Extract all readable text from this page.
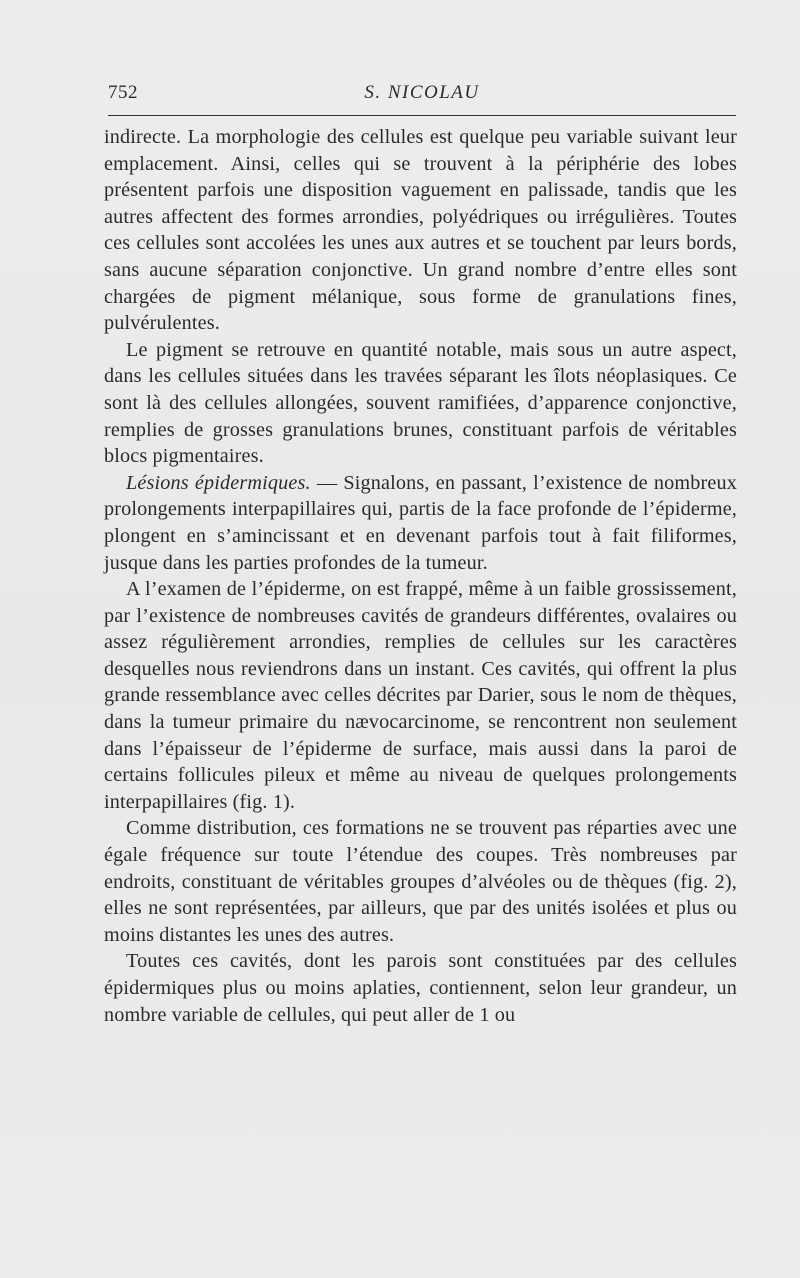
752	S. NICOLAU

indirecte. La morphologie des cellules est quelque peu variable suivant leur emplacement. Ainsi, celles qui se trouvent à la périphérie des lobes présentent parfois une disposition vaguement en palissade, tandis que les autres affectent des formes arrondies, polyédriques ou irrégulières. Toutes ces cellules sont accolées les unes aux autres et se touchent par leurs bords, sans aucune séparation conjonctive. Un grand nombre d’entre elles sont chargées de pigment mélanique, sous forme de granulations fines, pulvérulentes.

Le pigment se retrouve en quantité notable, mais sous un autre aspect, dans les cellules situées dans les travées séparant les îlots néoplasiques. Ce sont là des cellules allongées, souvent ramifiées, d’apparence conjonctive, remplies de grosses granulations brunes, constituant parfois de véritables blocs pigmentaires.

Lésions épidermiques. — Signalons, en passant, l’existence de nombreux prolongements interpapillaires qui, partis de la face profonde de l’épiderme, plongent en s’amincissant et en devenant parfois tout à fait filiformes, jusque dans les parties profondes de la tumeur.

A l’examen de l’épiderme, on est frappé, même à un faible grossissement, par l’existence de nombreuses cavités de grandeurs différentes, ovalaires ou assez régulièrement arrondies, remplies de cellules sur les caractères desquelles nous reviendrons dans un instant. Ces cavités, qui offrent la plus grande ressemblance avec celles décrites par Darier, sous le nom de thèques, dans la tumeur primaire du nævocarcinome, se rencontrent non seulement dans l’épaisseur de l’épiderme de surface, mais aussi dans la paroi de certains follicules pileux et même au niveau de quelques prolongements interpapillaires (fig. 1).

Comme distribution, ces formations ne se trouvent pas réparties avec une égale fréquence sur toute l’étendue des coupes. Très nombreuses par endroits, constituant de véritables groupes d’alvéoles ou de thèques (fig. 2), elles ne sont représentées, par ailleurs, que par des unités isolées et plus ou moins distantes les unes des autres.

Toutes ces cavités, dont les parois sont constituées par des cellules épidermiques plus ou moins aplaties, contiennent, selon leur grandeur, un nombre variable de cellules, qui peut aller de 1 ou
